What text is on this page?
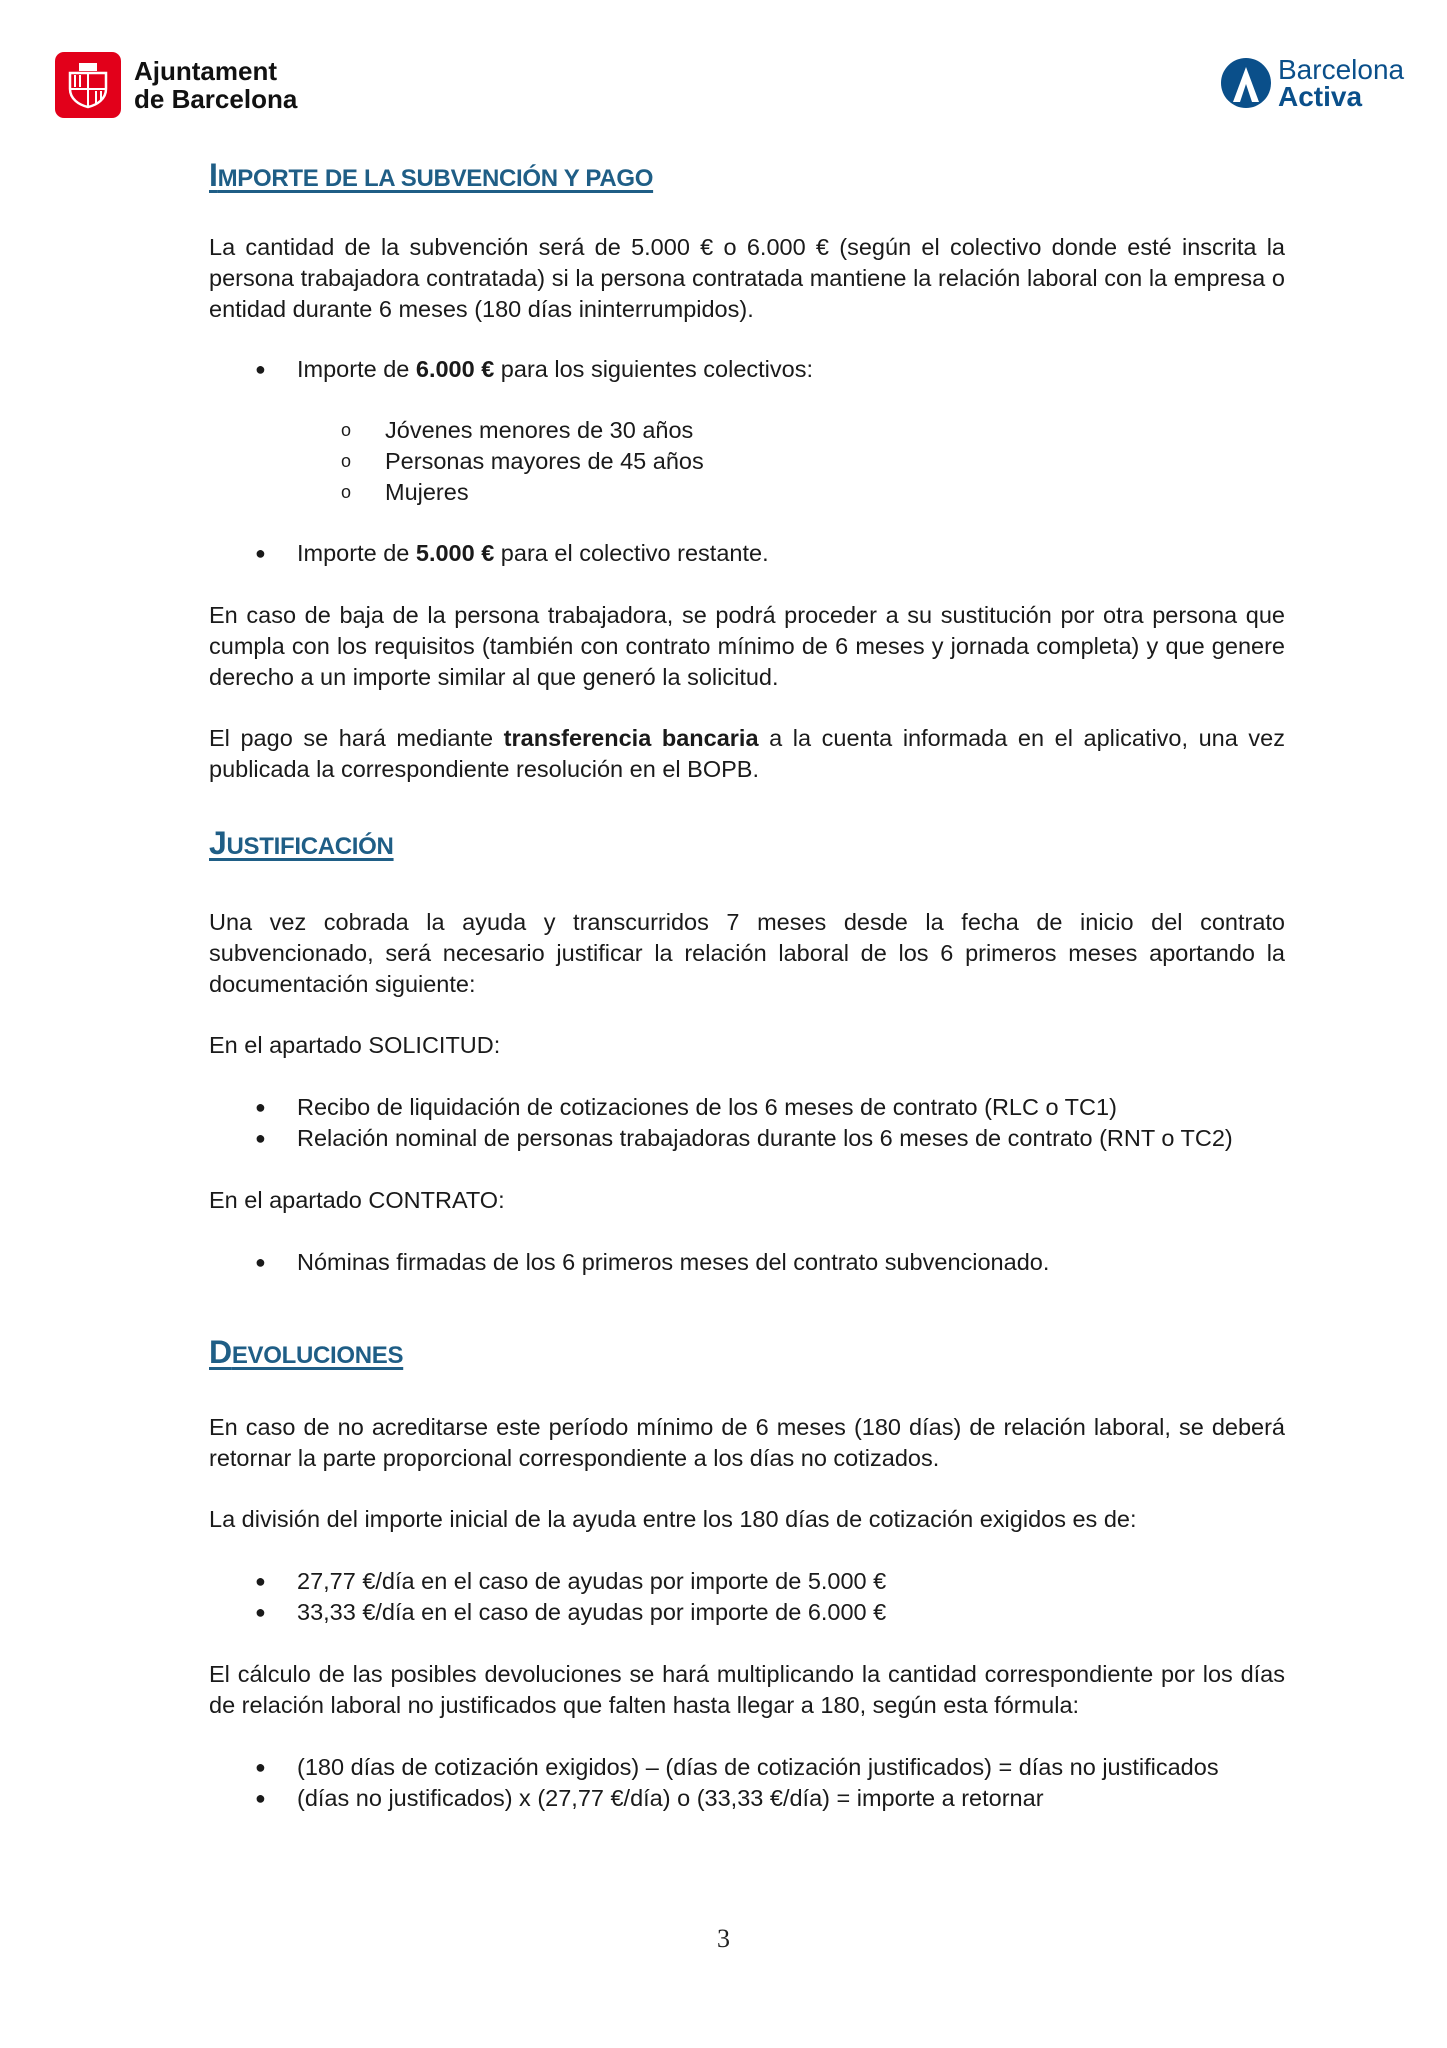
Ajuntament
de Barcelona
Barcelona
Activa
IMPORTE DE LA SUBVENCIÓN Y PAGO
La cantidad de la subvención será de 5.000 € o 6.000 € (según el colectivo donde esté inscrita la persona trabajadora contratada) si la persona contratada mantiene la relación laboral con la empresa o entidad durante 6 meses (180 días ininterrumpidos).
● Importe de 6.000 € para los siguientes colectivos:
o Jóvenes menores de 30 años
o Personas mayores de 45 años
o Mujeres
● Importe de 5.000 € para el colectivo restante.
En caso de baja de la persona trabajadora, se podrá proceder a su sustitución por otra persona que cumpla con los requisitos (también con contrato mínimo de 6 meses y jornada completa) y que genere derecho a un importe similar al que generó la solicitud.
El pago se hará mediante transferencia bancaria a la cuenta informada en el aplicativo, una vez publicada la correspondiente resolución en el BOPB.
JUSTIFICACIÓN
Una vez cobrada la ayuda y transcurridos 7 meses desde la fecha de inicio del contrato subvencionado, será necesario justificar la relación laboral de los 6 primeros meses aportando la documentación siguiente:
En el apartado SOLICITUD:
● Recibo de liquidación de cotizaciones de los 6 meses de contrato (RLC o TC1)
● Relación nominal de personas trabajadoras durante los 6 meses de contrato (RNT o TC2)
En el apartado CONTRATO:
● Nóminas firmadas de los 6 primeros meses del contrato subvencionado.
DEVOLUCIONES
En caso de no acreditarse este período mínimo de 6 meses (180 días) de relación laboral, se deberá retornar la parte proporcional correspondiente a los días no cotizados.
La división del importe inicial de la ayuda entre los 180 días de cotización exigidos es de:
● 27,77 €/día en el caso de ayudas por importe de 5.000 €
● 33,33 €/día en el caso de ayudas por importe de 6.000 €
El cálculo de las posibles devoluciones se hará multiplicando la cantidad correspondiente por los días de relación laboral no justificados que falten hasta llegar a 180, según esta fórmula:
● (180 días de cotización exigidos) – (días de cotización justificados) = días no justificados
● (días no justificados) x (27,77 €/día) o (33,33 €/día) = importe a retornar
3
